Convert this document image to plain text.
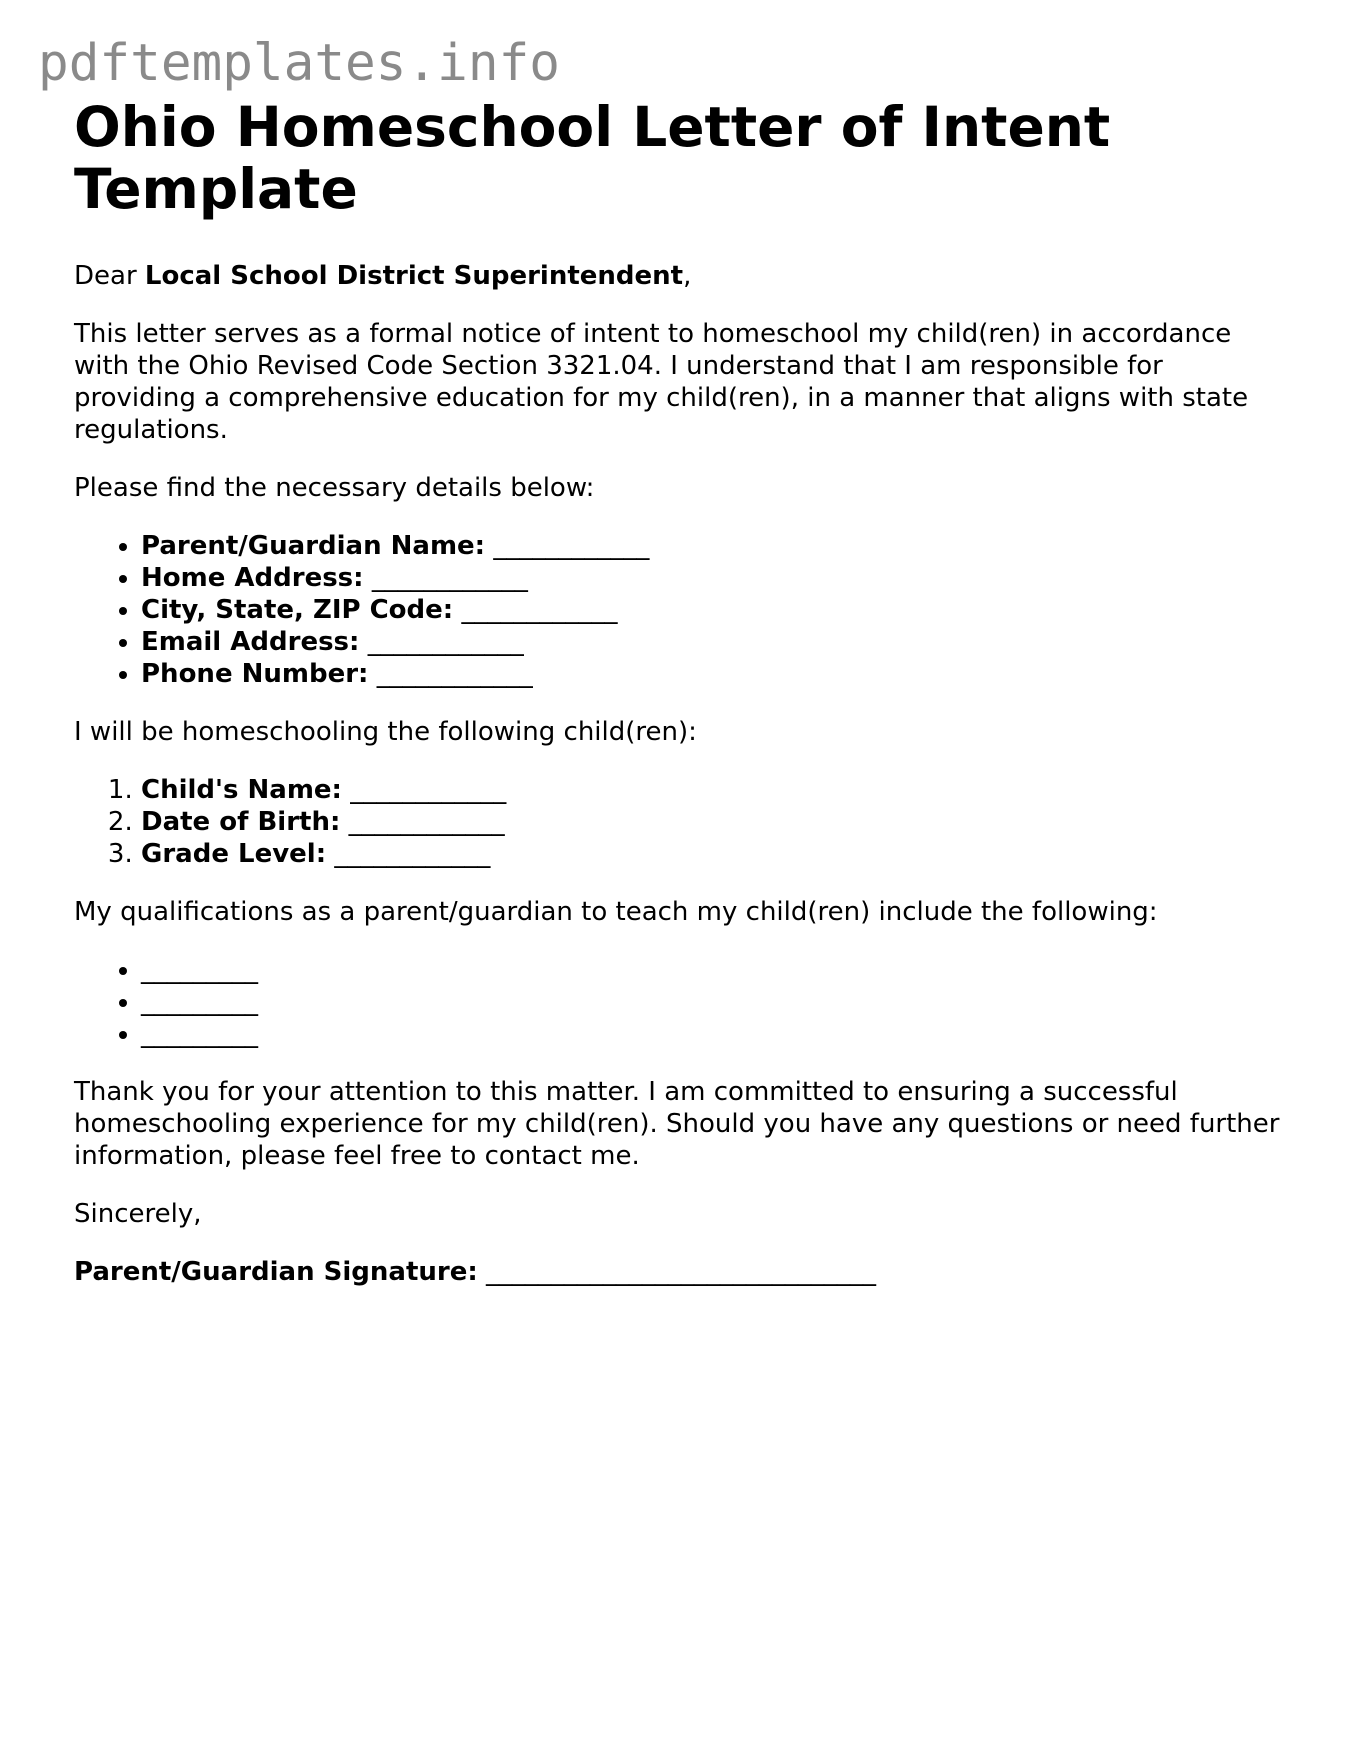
pdftemplates.info
Ohio Homeschool Letter of Intent Template

Dear Local School District Superintendent,

This letter serves as a formal notice of intent to homeschool my child(ren) in accordance with the Ohio Revised Code Section 3321.04. I understand that I am responsible for providing a comprehensive education for my child(ren), in a manner that aligns with state regulations.

Please find the necessary details below:

• Parent/Guardian Name: ____________
• Home Address: ____________
• City, State, ZIP Code: ____________
• Email Address: ____________
• Phone Number: ____________

I will be homeschooling the following child(ren):

1. Child's Name: ____________
2. Date of Birth: ____________
3. Grade Level: ____________

My qualifications as a parent/guardian to teach my child(ren) include the following:

• _________
• _________
• _________

Thank you for your attention to this matter. I am committed to ensuring a successful homeschooling experience for my child(ren). Should you have any questions or need further information, please feel free to contact me.

Sincerely,

Parent/Guardian Signature: ______________________________
